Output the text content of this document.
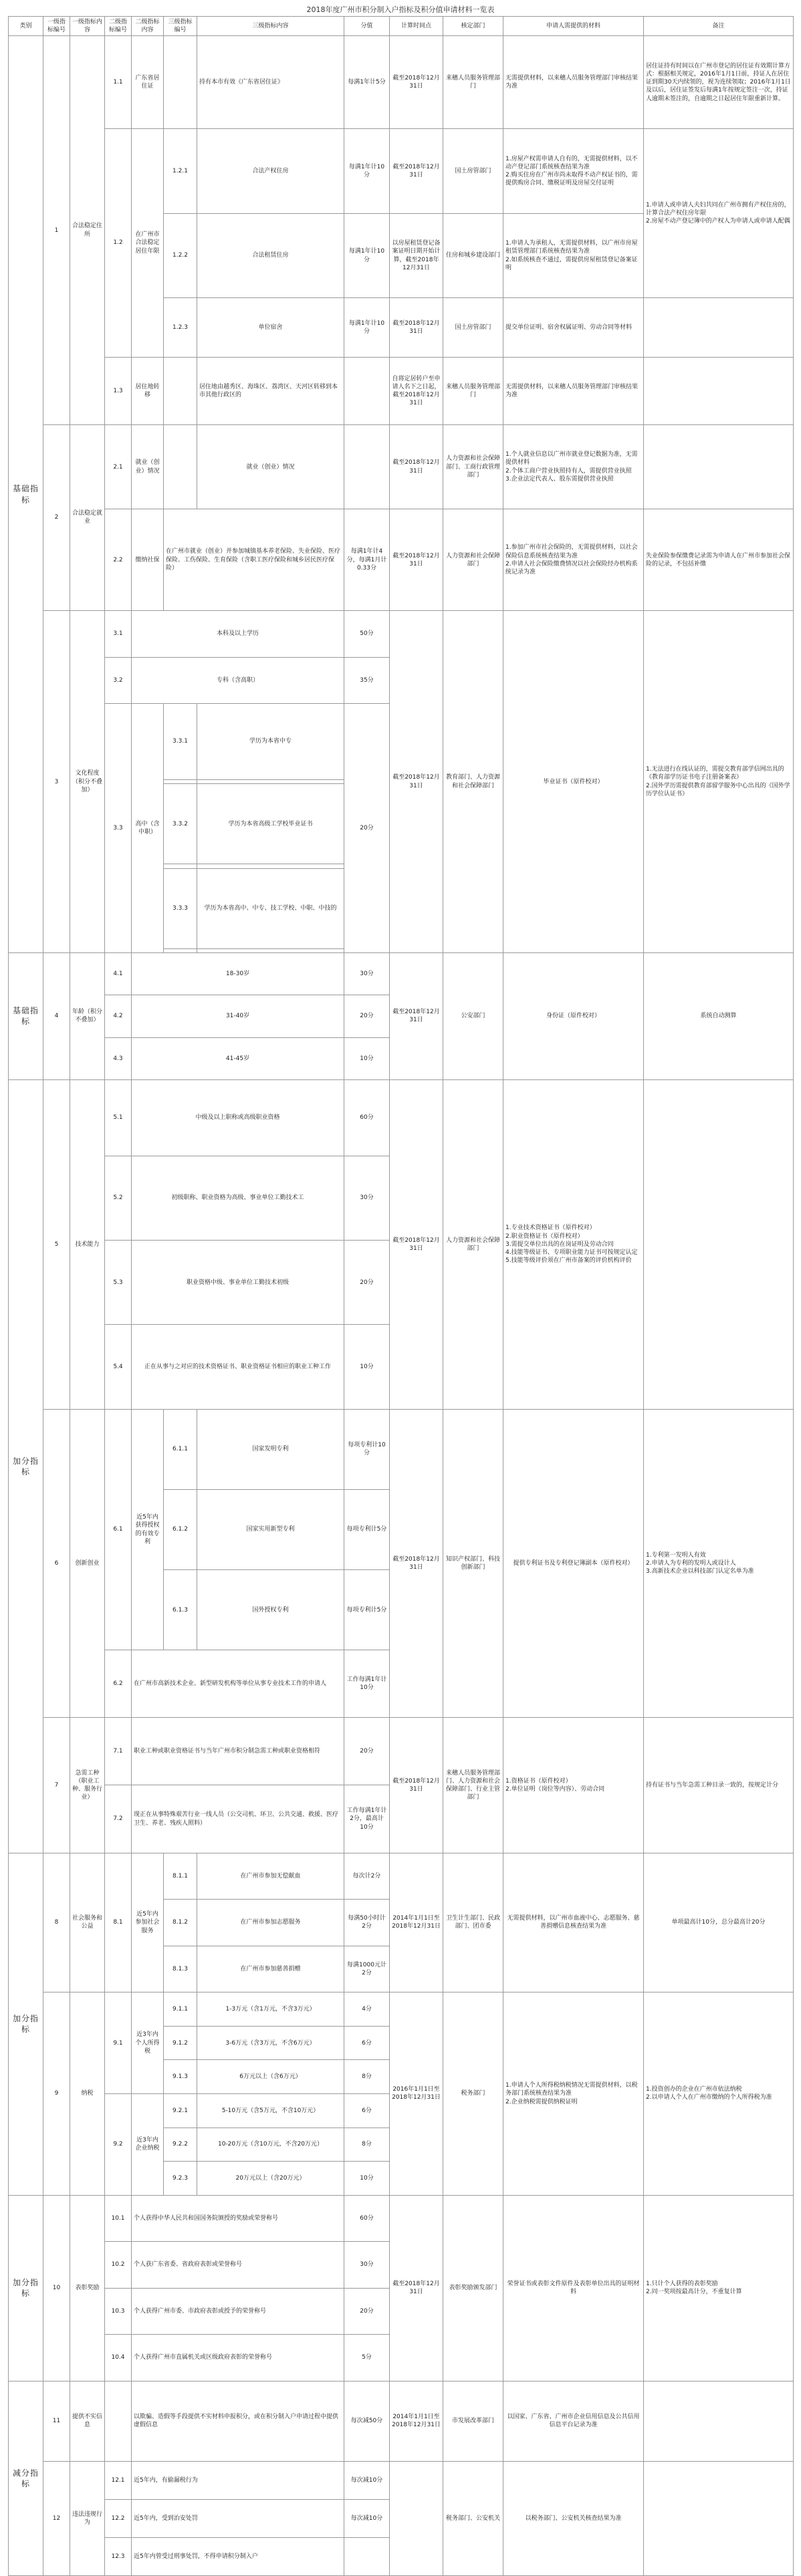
2018年度广州市积分制入户指标及积分值申请材料一览表
类别	一级指标编号	一级指标内容	二级指标编号	二级指标内容	三级指标编号	三级指标内容	分值	计算时间点	核定部门	申请人需提供的材料	备注
基础指标	1	合法稳定住所	1.1	广东省居住证		持有本市有效《广东省居住证》	每满1年计5分	截至2018年12月31日	来穗人员服务管理部门	无需提供材料，以来穗人员服务管理部门审核结果为准	居住证持有时间以在广州市登记的居住证有效期计算方式：根据相关规定，2016年1月1日前，持证人在居住证到期30天内续领的，视为连续领取；2016年1月1日及以后，居住证签发后每满1年按规定签注一次，持证人逾期未签注的，自逾期之日起居住年限重新计算。
			1.2	在广州市合法稳定居住年限	1.2.1	合法产权住房	每满1年计10分	截至2018年12月31日	国土房管部门	1.房屋产权需申请人自有的，无需提供材料，以不动产登记部门系统核查结果为准
2.购买住房在广州市尚未取得不动产权证书的，需提供购房合同、缴税证明及房屋交付证明	1.申请人或申请人夫妇共同在广州市拥有产权住房的，计算合法产权住房年限
2.房屋不动产登记簿中的产权人为申请人或申请人配偶
					1.2.2	合法租赁住房	每满1年计10分	以房屋租赁登记备案证明日期开始计算，截至2018年12月31日	住房和城乡建设部门	1.申请人为承租人，无需提供材料，以广州市房屋租赁管理部门系统核查结果为准
2.如系统核查不通过，需提供房屋租赁登记备案证明	
					1.2.3	单位宿舍	每满1年计10分	截至2018年12月31日	国土房管部门	提交单位证明、宿舍权属证明、劳动合同等材料	
			1.3	居住地转移		居住地由越秀区、海珠区、荔湾区、天河区转移到本市其他行政区的		自将定居转户至申请人名下之日起，截至2018年12月31日	来穗人员服务管理部门	无需提供材料，以来穗人员服务管理部门审核结果为准	
	2	合法稳定就业	2.1	就业（创业）情况		就业（创业）情况		截至2018年12月31日	人力资源和社会保障部门、工商行政管理部门	1.个人就业信息以广州市就业登记数据为准，无需提供材料
2.个体工商户营业执照持有人，需提供营业执照
3.企业法定代表人、股东需提供营业执照	
			2.2	缴纳社保	在广州市就业（创业）并参加城镇基本养老保险、失业保险、医疗保险、工伤保险、生育保险（含职工医疗保险和城乡居民医疗保险）		每满1年计4分，每满1月计0.33分	截至2018年12月31日	人力资源和社会保障部门	1.参加广州市社会保险的，无需提供材料，以社会保险信息系统核查结果为准
2.申请人社会保险缴费情况以社会保险经办机构系统记录为准	失业保险参保缴费记录需为申请人在广州市参加社会保险的记录，不包括补缴
	3	文化程度（积分不叠加）	3.1	本科及以上学历			50分	截至2018年12月31日	教育部门、人力资源和社会保障部门	毕业证书（原件校对）	1.无法进行在线认证的，需提交教育部学信网出具的《教育部学历证书电子注册备案表》
2.国外学历需提供教育部留学服务中心出具的《国外学历学位认证书》
			3.2	专科（含高职）			35分				
			3.3	高中（含中职）	3.3.1	学历为本省中专	20分				

					3.3.2	学历为本省高级工学校毕业证书					

					3.3.3	学历为本省高中、中专、技工学校、中职、中技的					

基础指标	4	年龄（积分不叠加）	4.1	18-30岁			30分	截至2018年12月31日	公安部门	身份证（原件校对）	系统自动测算
			4.2	31-40岁			20分				
			4.3	41-45岁			10分				
加分指标	5	技术能力	5.1	中级及以上职称或高级职业资格			60分	截至2018年12月31日	人力资源和社会保障部门	1.专业技术资格证书（原件校对）
2.职业资格证书（原件校对）
3.需提交单位出具的在岗证明及劳动合同
4.技能等级证书、专项职业能力证书可按规定认定
5.技能等级评价须在广州市备案的评价机构评价	
			5.2	初级职称、职业资格为高级、事业单位工勤技术工			30分				
			5.3	职业资格中级、事业单位工勤技术初级			20分				
			5.4	正在从事与之对应的技术资格证书、职业资格证书相应的职业工种工作			10分				
	6	创新创业	6.1	近5年内获得授权的有效专利	6.1.1	国家发明专利	每项专利计10分	截至2018年12月31日	知识产权部门、科技创新部门	提供专利证书及专利登记簿副本（原件校对）	1.专利第一发明人有效
2.申请人为专利的发明人或设计人
3.高新技术企业以科技部门认定名单为准
					6.1.2	国家实用新型专利	每项专利计5分				
					6.1.3	国外授权专利	每项专利计5分				
			6.2	在广州市高新技术企业、新型研发机构等单位从事专业技术工作的申请人			工作每满1年计10分				
	7	急需工种（职业工种、服务行业）	7.1	职业工种或职业资格证书与当年广州市积分制急需工种或职业资格相符			20分	截至2018年12月31日	来穗人员服务管理部门、人力资源和社会保障部门、行业主管部门	1.资格证书（原件校对）
2.单位证明（岗位等内容）、劳动合同	持有证书与当年急需工种目录一致的，按规定计分
			7.2	现正在从事特殊艰苦行业一线人员（公交司机、环卫、公共交通、救援、医疗卫生、养老、残疾人照料）			工作每满1年计2分，最高计10分				
加分指标	8	社会服务和公益	8.1	近5年内参加社会服务	8.1.1	在广州市参加无偿献血	每次计2分	2014年1月1日至2018年12月31日	卫生计生部门、民政部门、团市委	无需提供材料，以广州市血液中心、志愿服务、慈善捐赠信息核查结果为准	单项最高计10分，总分最高计20分
					8.1.2	在广州市参加志愿服务	每满50小时计2分				
					8.1.3	在广州市参加慈善捐赠	每满1000元计2分				
	9	纳税	9.1	近3年内个人所得税	9.1.1	1-3万元（含1万元，不含3万元）	4分	2016年1月1日至2018年12月31日	税务部门	1.申请人个人所得税纳税情况无需提供材料，以税务部门系统核查结果为准
2.企业纳税需提供纳税证明	1.投资创办的企业在广州市依法纳税
2.以申请人个人在广州市缴纳的个人所得税为准
					9.1.2	3-6万元（含3万元，不含6万元）	6分				
					9.1.3	6万元以上（含6万元）	8分				
			9.2	近3年内企业纳税	9.2.1	5-10万元（含5万元，不含10万元）	6分				
					9.2.2	10-20万元（含10万元，不含20万元）	8分				
					9.2.3	20万元以上（含20万元）	10分				
加分指标	10	表彰奖励	10.1	个人获得中华人民共和国国务院颁授的奖励或荣誉称号			60分	截至2018年12月31日	表彰奖励颁发部门	荣誉证书或表彰文件原件及表彰单位出具的证明材料	1.只计个人获得的表彰奖励
2.同一奖项按最高计分，不重复计算
			10.2	个人获广东省委、省政府表彰或荣誉称号			30分				
			10.3	个人获得广州市委、市政府表彰或授予的荣誉称号			20分				
			10.4	个人获得广州市直属机关或区级政府表彰的荣誉称号			5分				
减分指标	11	提供不实信息		以欺骗、造假等手段提供不实材料申报积分，或在积分制入户申请过程中提供虚假信息			每次减50分	2014年1月1日至2018年12月31日	市发展改革部门	以国家、广东省、广州市企业信用信息及公共信用信息平台记录为准	
	12	违法违规行为	12.1	近5年内，有偷漏税行为			每次减10分		税务部门、公安机关	以税务部门、公安机关核查结果为准	
			12.2	近5年内，受到治安处罚			每次减10分				
			12.3	近5年内曾受过刑事处罚，不得申请积分制入户							
